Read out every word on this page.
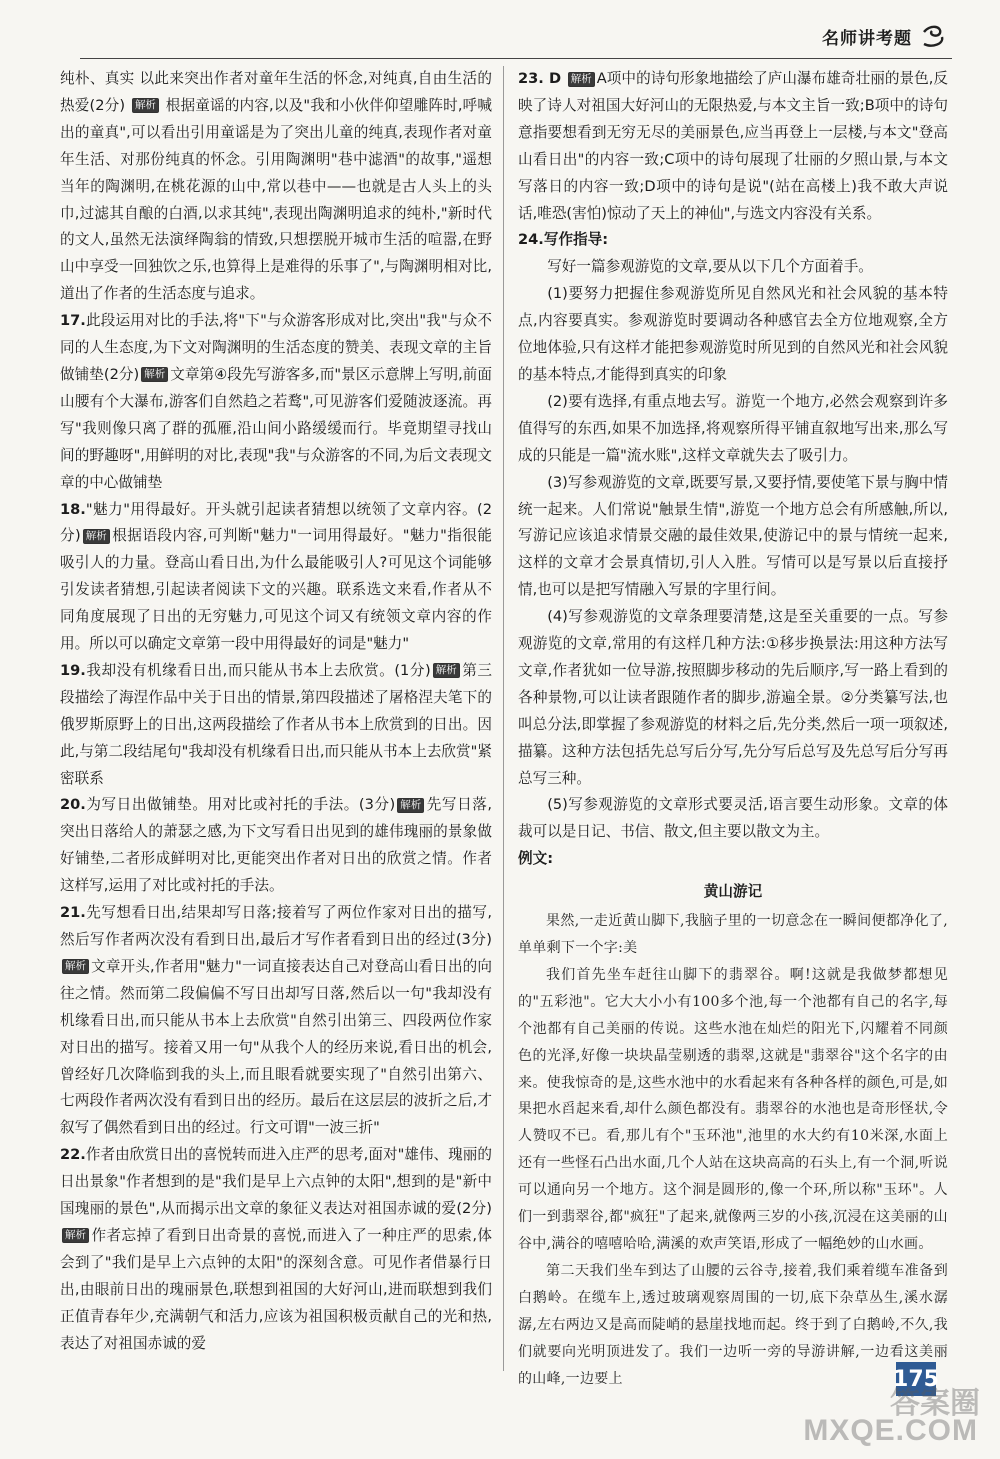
名师讲考题

纯朴、真实 以此来突出作者对童年生活的怀念,对纯真,自由生活的热爱(2分) 解析 根据童谣的内容,以及"我和小伙伴仰望雕阵时,呼喊出的童真",可以看出引用童谣是为了突出儿童的纯真,表现作者对童年生活、对那份纯真的怀念。引用陶渊明"巷中滤酒"的故事,"遥想当年的陶渊明,在桃花源的山中,常以巷中——也就是古人头上的头巾,过滤其自酿的白酒,以求其纯",表现出陶渊明追求的纯朴,"新时代的文人,虽然无法演绎陶翁的情致,只想摆脱开城市生活的喧嚣,在野山中享受一回独饮之乐,也算得上是难得的乐事了",与陶渊明相对比,道出了作者的生活态度与追求。

17.此段运用对比的手法,将"下"与众游客形成对比,突出"我"与众不同的人生态度,为下文对陶渊明的生活态度的赞美、表现文章的主旨做铺垫(2分) 解析 文章第④段先写游客多,而"景区示意牌上写明,前面山腰有个大瀑布,游客们自然趋之若鹜",可见游客们爱随波逐流。再写"我则像只离了群的孤雁,沿山间小路缓缓而行。毕竟期望寻找山间的野趣呀",用鲜明的对比,表现"我"与众游客的不同,为后文表现文章的中心做铺垫

18."魅力"用得最好。开头就引起读者猜想以统领了文章内容。(2分) 解析 根据语段内容,可判断"魅力"一词用得最好。"魅力"指很能吸引人的力量。登高山看日出,为什么最能吸引人?可见这个词能够引发读者猜想,引起读者阅读下文的兴趣。联系选文来看,作者从不同角度展现了日出的无穷魅力,可见这个词又有统领文章内容的作用。所以可以确定文章第一段中用得最好的词是"魅力"

19.我却没有机缘看日出,而只能从书本上去欣赏。(1分) 解析 第三段描绘了海涅作品中关于日出的情景,第四段描述了屠格涅夫笔下的俄罗斯原野上的日出,这两段描绘了作者从书本上欣赏到的日出。因此,与第二段结尾句"我却没有机缘看日出,而只能从书本上去欣赏"紧密联系

20.为写日出做铺垫。用对比或衬托的手法。(3分) 解析 先写日落,突出日落给人的萧瑟之感,为下文写看日出见到的雄伟瑰丽的景象做好铺垫,二者形成鲜明对比,更能突出作者对日出的欣赏之情。作者这样写,运用了对比或衬托的手法。

21.先写想看日出,结果却写日落;接着写了两位作家对日出的描写,然后写作者两次没有看到日出,最后才写作者看到日出的经过(3分)解析 文章开头,作者用"魅力"一词直接表达自己对登高山看日出的向往之情。然而第二段偏偏不写日出却写日落,然后以一句"我却没有机缘看日出,而只能从书本上去欣赏"自然引出第三、四段两位作家对日出的描写。接着又用一句"从我个人的经历来说,看日出的机会,曾经好几次降临到我的头上,而且眼看就要实现了"自然引出第六、七两段作者两次没有看到日出的经历。最后在这层层的波折之后,才叙写了偶然看到日出的经过。行文可谓"一波三折"

22.作者由欣赏日出的喜悦转而进入庄严的思考,面对"雄伟、瑰丽的日出景象"作者想到的是"我们是早上六点钟的太阳",想到的是"新中国瑰丽的景色",从而揭示出文章的象征义表达对祖国赤诚的爱(2分)解析 作者忘掉了看到日出奇景的喜悦,而进入了一种庄严的思索,体会到了"我们是早上六点钟的太阳"的深刻含意。可见作者借暴行日出,由眼前日出的瑰丽景色,联想到祖国的大好河山,进而联想到我们正值青春年少,充满朝气和活力,应该为祖国积极贡献自己的光和热,表达了对祖国赤诚的爱

23. D 解析 A项中的诗句形象地描绘了庐山瀑布雄奇壮丽的景色,反映了诗人对祖国大好河山的无限热爱,与本文主旨一致;B项中的诗句意指要想看到无穷无尽的美丽景色,应当再登上一层楼,与本文"登高山看日出"的内容一致;C项中的诗句展现了壮丽的夕照山景,与本文写落日的内容一致;D项中的诗句是说"(站在高楼上)我不敢大声说话,唯恐(害怕)惊动了天上的神仙",与选文内容没有关系。

24.写作指导:

写好一篇参观游览的文章,要从以下几个方面着手。

(1)要努力把握住参观游览所见自然风光和社会风貌的基本特点,内容要真实。参观游览时要调动各种感官去全方位地观察,全方位地体验,只有这样才能把参观游览时所见到的自然风光和社会风貌的基本特点,才能得到真实的印象

(2)要有选择,有重点地去写。游览一个地方,必然会观察到许多值得写的东西,如果不加选择,将观察所得平铺直叙地写出来,那么写成的只能是一篇"流水账",这样文章就失去了吸引力。

(3)写参观游览的文章,既要写景,又要抒情,要使笔下景与胸中情统一起来。人们常说"触景生情",游览一个地方总会有所感触,所以,写游记应该追求情景交融的最佳效果,使游记中的景与情统一起来,这样的文章才会景真情切,引人入胜。写情可以是写景以后直接抒情,也可以是把写情融入写景的字里行间。

(4)写参观游览的文章条理要清楚,这是至关重要的一点。写参观游览的文章,常用的有这样几种方法:①移步换景法:用这种方法写文章,作者犹如一位导游,按照脚步移动的先后顺序,写一路上看到的各种景物,可以让读者跟随作者的脚步,游遍全景。②分类纂写法,也叫总分法,即掌握了参观游览的材料之后,先分类,然后一项一项叙述,描纂。这种方法包括先总写后分写,先分写后总写及先总写后分写再总写三种。

(5)写参观游览的文章形式要灵活,语言要生动形象。文章的体裁可以是日记、书信、散文,但主要以散文为主。

例文:

黄山游记

果然,一走近黄山脚下,我脑子里的一切意念在一瞬间便都净化了,单单剩下一个字:美

我们首先坐车赶往山脚下的翡翠谷。啊!这就是我做梦都想见的"五彩池"。它大大小小有100多个池,每一个池都有自己的名字,每个池都有自己美丽的传说。这些水池在灿烂的阳光下,闪耀着不同颜色的光泽,好像一块块晶莹剔透的翡翠,这就是"翡翠谷"这个名字的由来。使我惊奇的是,这些水池中的水看起来有各种各样的颜色,可是,如果把水舀起来看,却什么颜色都没有。翡翠谷的水池也是奇形怪状,令人赞叹不已。看,那儿有个"玉环池",池里的水大约有10米深,水面上还有一些怪石凸出水面,几个人站在这块高高的石头上,有一个洞,听说可以通向另一个地方。这个洞是圆形的,像一个环,所以称"玉环"。人们一到翡翠谷,都"疯狂"了起来,就像两三岁的小孩,沉浸在这美丽的山谷中,满谷的嘻嘻哈哈,满溪的欢声笑语,形成了一幅绝妙的山水画。

第二天我们坐车到达了山腰的云谷寺,接着,我们乘着缆车准备到白鹅岭。在缆车上,透过玻璃观察周围的一切,底下杂草丛生,溪水潺潺,左右两边又是高而陡峭的悬崖找地而起。终于到了白鹅岭,不久,我们就要向光明顶进发了。我们一边听一旁的导游讲解,一边看这美丽的山峰,一边要上	175
答案圈
MXQE.COM
